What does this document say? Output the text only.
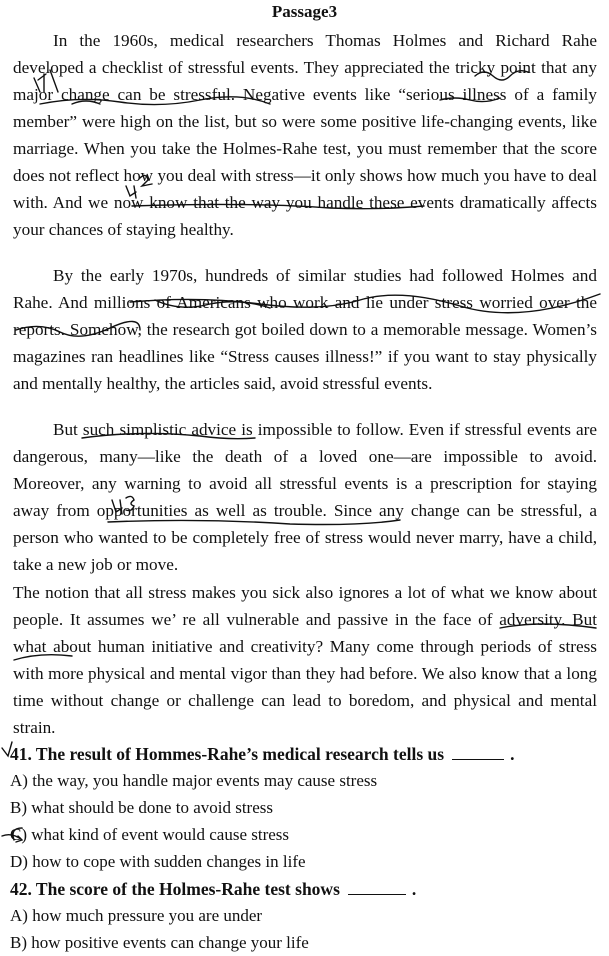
Passage3

In the 1960s, medical researchers Thomas Holmes and Richard Rahe developed a checklist of stressful events. They appreciated the tricky point that any major change can be stressful. Negative events like “serious illness of a family member” were high on the list, but so were some positive life-changing events, like marriage. When you take the Holmes-Rahe test, you must remember that the score does not reflect how you deal with stress—it only shows how much you have to deal with. And we now know that the way you handle these events dramatically affects your chances of staying healthy.

By the early 1970s, hundreds of similar studies had followed Holmes and Rahe. And millions of Americans who work and lie under stress worried over the reports. Somehow, the research got boiled down to a memorable message. Women’s magazines ran headlines like “Stress causes illness!” if you want to stay physically and mentally healthy, the articles said, avoid stressful events.

But such simplistic advice is impossible to follow. Even if stressful events are dangerous, many—like the death of a loved one—are impossible to avoid. Moreover, any warning to avoid all stressful events is a prescription for staying away from opportunities as well as trouble. Since any change can be stressful, a person who wanted to be completely free of stress would never marry, have a child, take a new job or move.

The notion that all stress makes you sick also ignores a lot of what we know about people. It assumes we’ re all vulnerable and passive in the face of adversity. But what about human initiative and creativity? Many come through periods of stress with more physical and mental vigor than they had before. We also know that a long time without change or challenge can lead to boredom, and physical and mental strain.

41. The result of Hommes-Rahe’s medical research tells us	.
A) the way, you handle major events may cause stress
B) what should be done to avoid stress
C) what kind of event would cause stress
D) how to cope with sudden changes in life
42. The score of the Holmes-Rahe test shows	.
A) how much pressure you are under
B) how positive events can change your life
